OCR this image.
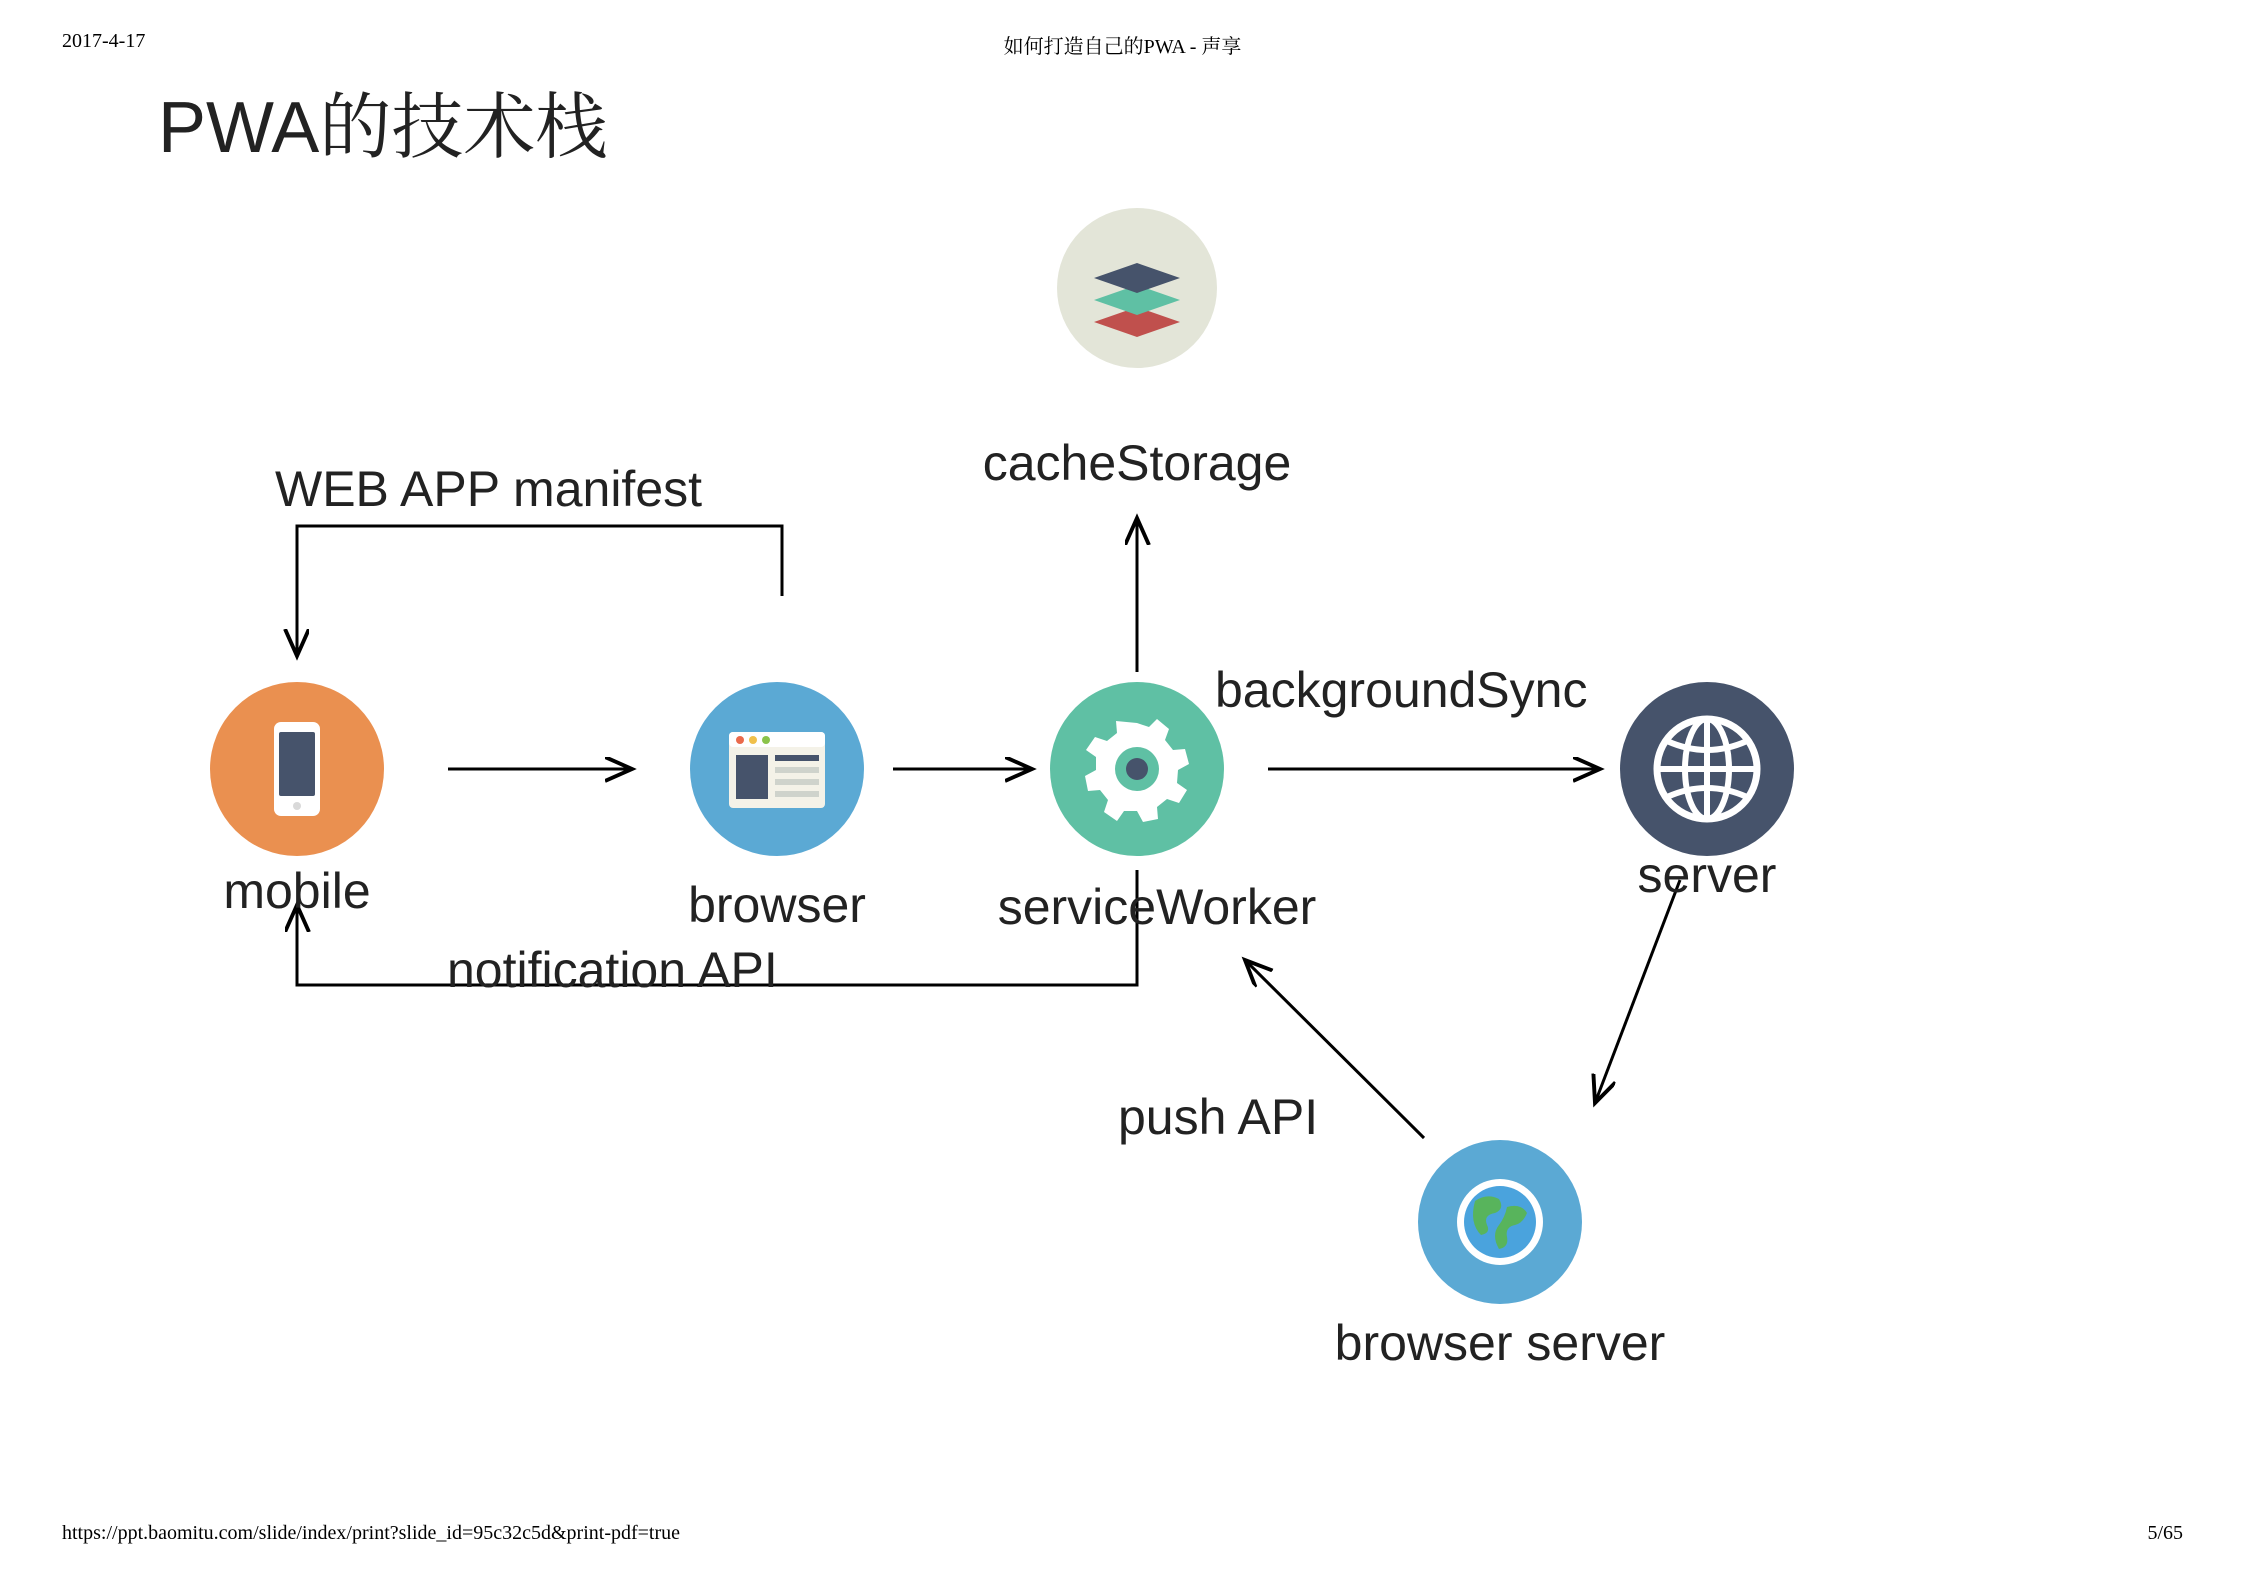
2017-4-17	如何打造自己的PWA - 声享
PWA的技术栈
cacheStorage
mobile	browser	serviceWorker
server
browser server
WEB APP manifest
backgroundSync
notification API
push API
https://ppt.baomitu.com/slide/index/print?slide_id=95c32c5d&print-pdf=true	5/65
